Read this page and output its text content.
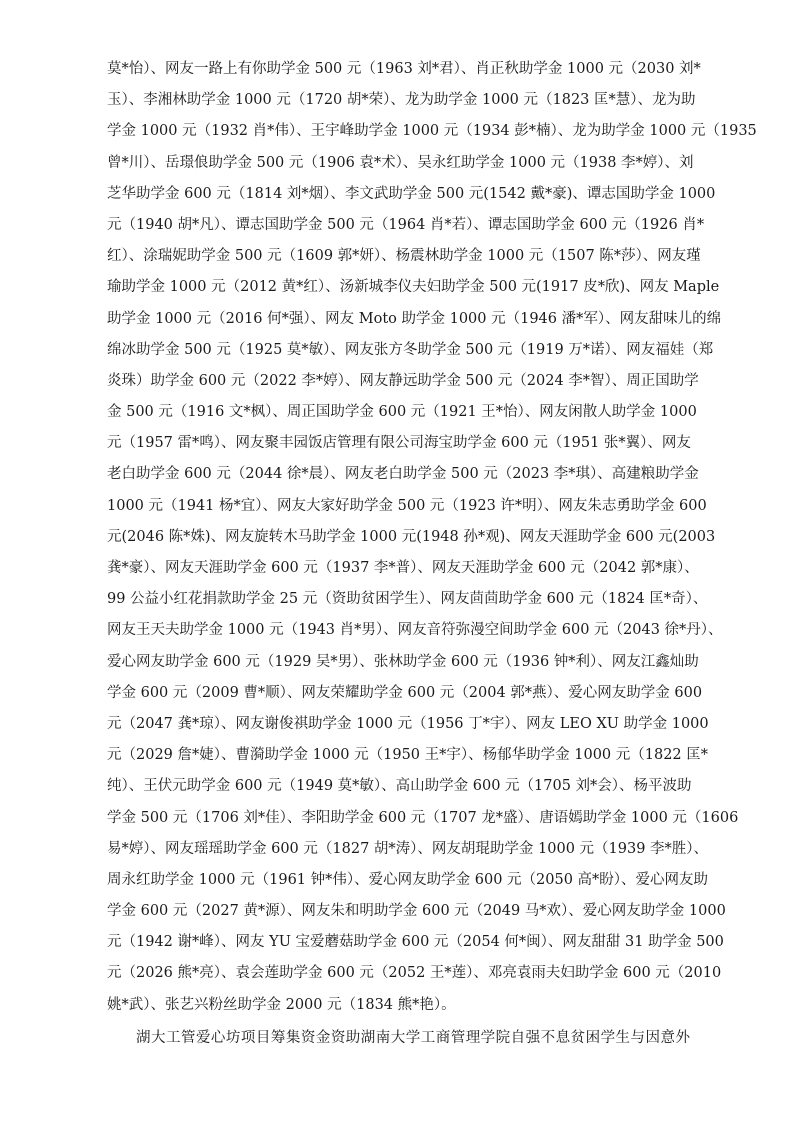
莫*怡）、网友一路上有你助学金 500 元（1963 刘*君）、肖正秋助学金 1000 元（2030 刘*
玉）、李湘林助学金 1000 元（1720 胡*荣）、龙为助学金 1000 元（1823 匡*慧）、龙为助
学金 1000 元（1932 肖*伟）、王宇峰助学金 1000 元（1934 彭*楠）、龙为助学金 1000 元（1935
曾*川）、岳璟俍助学金 500 元（1906 袁*术）、吴永红助学金 1000 元（1938 李*婷）、刘
芝华助学金 600 元（1814 刘*烟）、李文武助学金 500 元(1542 戴*豪)、谭志国助学金 1000
元（1940 胡*凡）、谭志国助学金 500 元（1964 肖*若）、谭志国助学金 600 元（1926 肖*
红）、涂瑞妮助学金 500 元（1609 郭*妍）、杨震林助学金 1000 元（1507 陈*莎）、网友瑾
瑜助学金 1000 元（2012 黄*红）、汤新城李仪夫妇助学金 500 元(1917 皮*欣)、网友 Maple
助学金 1000 元（2016 何*强）、网友 Moto 助学金 1000 元（1946 潘*军）、网友甜味儿的绵
绵冰助学金 500 元（1925 莫*敏）、网友张方冬助学金 500 元（1919 万*诺）、网友福娃（郑
炎珠）助学金 600 元（2022 李*婷）、网友静远助学金 500 元（2024 李*智）、周正国助学
金 500 元（1916 文*枫）、周正国助学金 600 元（1921 王*怡）、网友闲散人助学金 1000
元（1957 雷*鸣）、网友聚丰园饭店管理有限公司海宝助学金 600 元（1951 张*翼）、网友
老白助学金 600 元（2044 徐*晨）、网友老白助学金 500 元（2023 李*琪）、高建粮助学金
1000 元（1941 杨*宜）、网友大家好助学金 500 元（1923 许*明）、网友朱志勇助学金 600
元(2046 陈*姝)、网友旋转木马助学金 1000 元(1948 孙*观)、网友天涯助学金 600 元(2003
龚*豪）、网友天涯助学金 600 元（1937 李*普）、网友天涯助学金 600 元（2042 郭*康）、
99 公益小红花捐款助学金 25 元（资助贫困学生）、网友茴茴助学金 600 元（1824 匡*奇）、
网友王天夫助学金 1000 元（1943 肖*男）、网友音符弥漫空间助学金 600 元（2043 徐*丹）、
爱心网友助学金 600 元（1929 吴*男）、张林助学金 600 元（1936 钟*利）、网友江鑫灿助
学金 600 元（2009 曹*顺）、网友荣耀助学金 600 元（2004 郭*燕）、爱心网友助学金 600
元（2047 龚*琼）、网友谢俊祺助学金 1000 元（1956 丁*宇）、网友 LEO XU 助学金 1000
元（2029 詹*婕）、曹漪助学金 1000 元（1950 王*宇）、杨郁华助学金 1000 元（1822 匡*
纯）、王伏元助学金 600 元（1949 莫*敏）、高山助学金 600 元（1705 刘*会）、杨平波助
学金 500 元（1706 刘*佳）、李阳助学金 600 元（1707 龙*盛）、唐语嫣助学金 1000 元（1606
易*婷）、网友瑶瑶助学金 600 元（1827 胡*涛）、网友胡琨助学金 1000 元（1939 李*胜）、
周永红助学金 1000 元（1961 钟*伟）、爱心网友助学金 600 元（2050 高*盼）、爱心网友助
学金 600 元（2027 黄*源）、网友朱和明助学金 600 元（2049 马*欢）、爱心网友助学金 1000
元（1942 谢*峰）、网友 YU 宝爱蘑菇助学金 600 元（2054 何*闽）、网友甜甜 31 助学金 500
元（2026 熊*亮）、袁会莲助学金 600 元（2052 王*莲）、邓亮袁雨夫妇助学金 600 元（2010
姚*武）、张艺兴粉丝助学金 2000 元（1834 熊*艳）。
湖大工管爱心坊项目筹集资金资助湖南大学工商管理学院自强不息贫困学生与因意外
